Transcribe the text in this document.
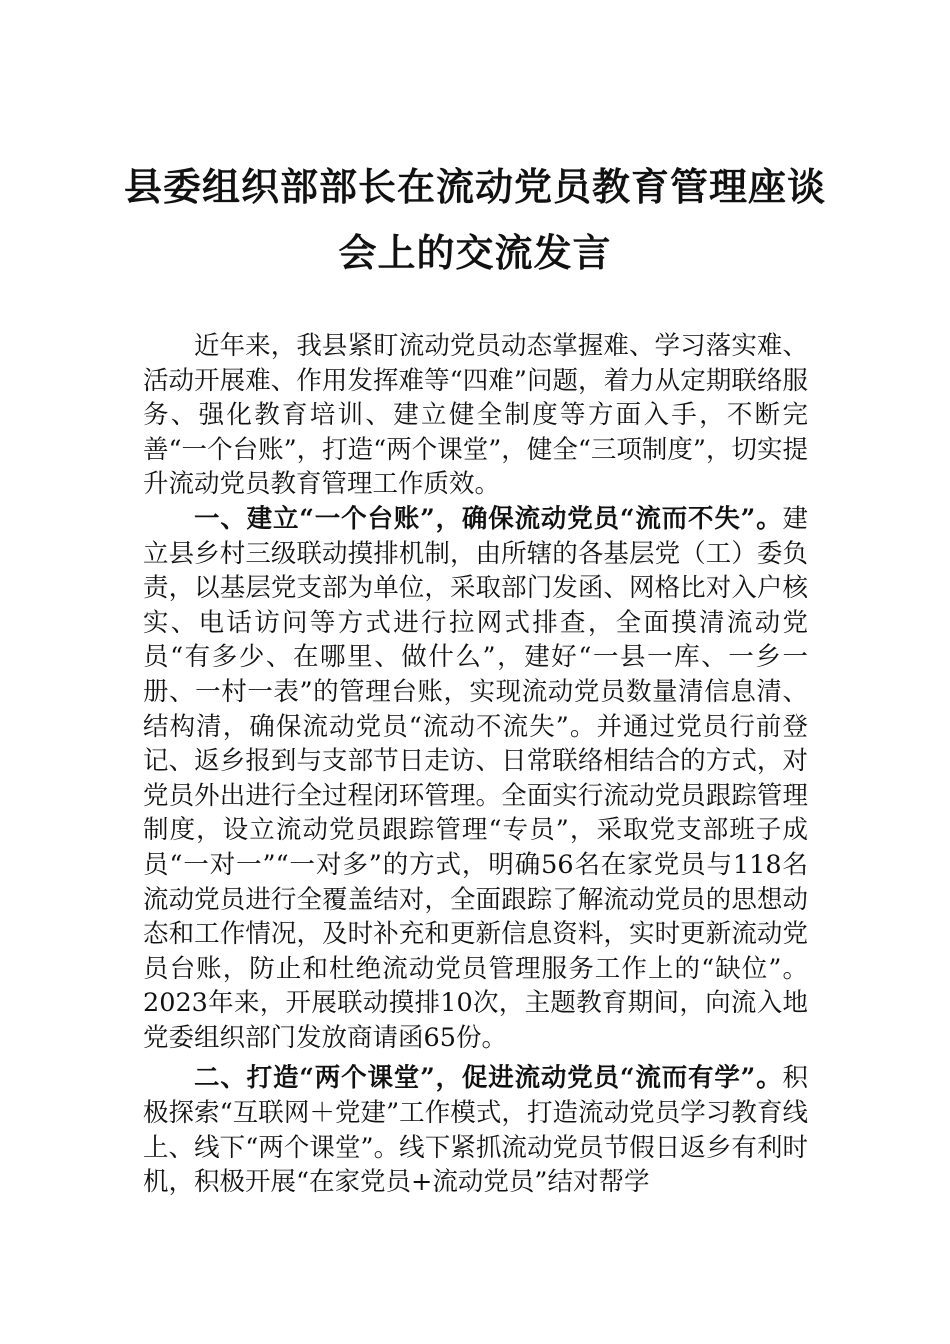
县委组织部部长在流动党员教育管理座谈
会上的交流发言

近年来，我县紧盯流动党员动态掌握难、学习落实难、活动开展难、作用发挥难等“四难”问题，着力从定期联络服务、强化教育培训、建立健全制度等方面入手，不断完善“一个台账”，打造“两个课堂”，健全“三项制度”，切实提升流动党员教育管理工作质效。

一、建立“一个台账”，确保流动党员“流而不失”。建立县乡村三级联动摸排机制，由所辖的各基层党（工）委负责，以基层党支部为单位，采取部门发函、网格比对入户核实、电话访问等方式进行拉网式排查，全面摸清流动党员“有多少、在哪里、做什么”，建好“一县一库、一乡一册、一村一表”的管理台账，实现流动党员数量清信息清、结构清，确保流动党员“流动不流失”。并通过党员行前登记、返乡报到与支部节日走访、日常联络相结合的方式，对党员外出进行全过程闭环管理。全面实行流动党员跟踪管理制度，设立流动党员跟踪管理“专员”，采取党支部班子成员“一对一”“一对多”的方式，明确56名在家党员与118名流动党员进行全覆盖结对，全面跟踪了解流动党员的思想动态和工作情况，及时补充和更新信息资料，实时更新流动党员台账，防止和杜绝流动党员管理服务工作上的“缺位”。2023年来，开展联动摸排10次，主题教育期间，向流入地党委组织部门发放商请函65份。

二、打造“两个课堂”，促进流动党员“流而有学”。积极探索“互联网＋党建”工作模式，打造流动党员学习教育线上、线下“两个课堂”。线下紧抓流动党员节假日返乡有利时机，积极开展“在家党员+流动党员”结对帮学
